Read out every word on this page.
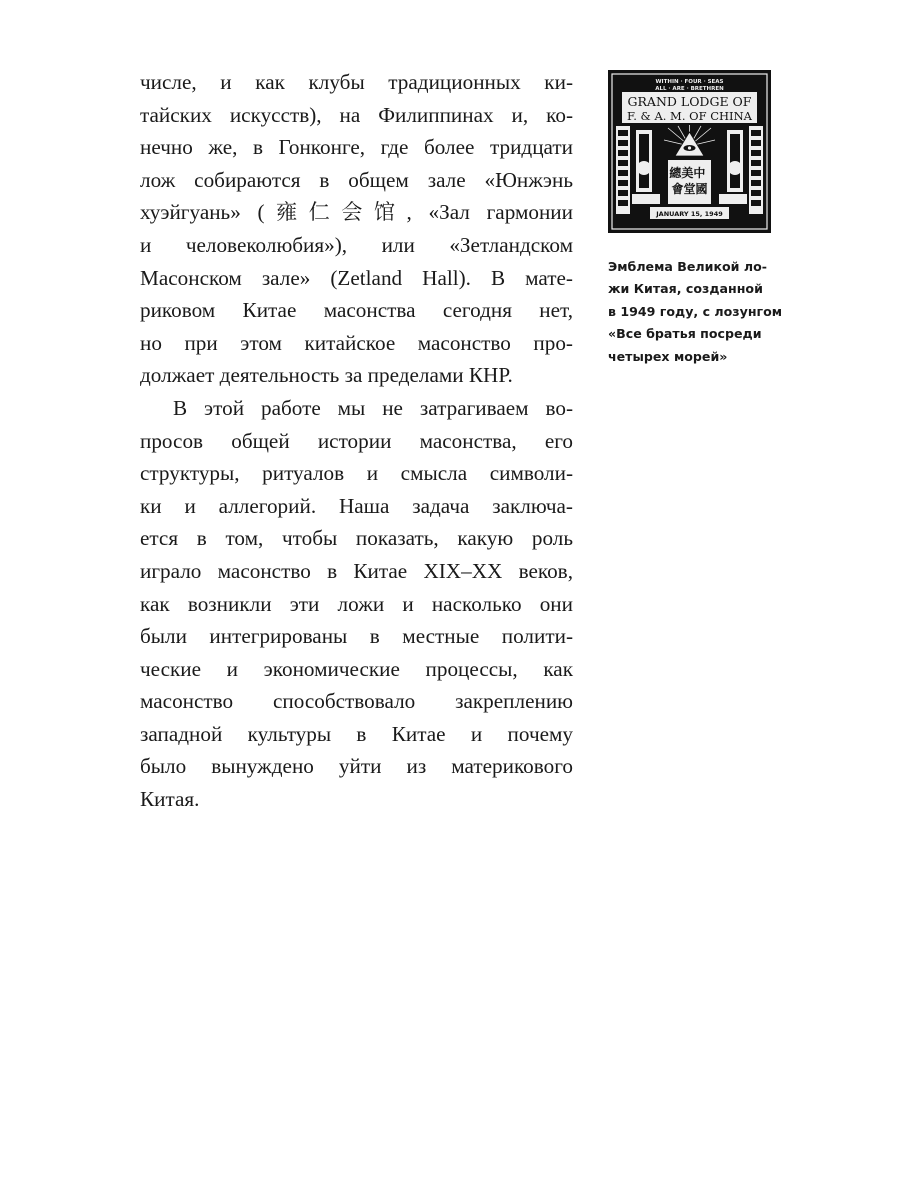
числе, и как клубы традиционных ки-
тайских искусств), на Филиппинах и, ко-
нечно же, в Гонконге, где более тридцати
лож собираются в общем зале «Юнжэнь
хуэйгуань» (雍仁会馆, «Зал гармонии
и человеколюбия»), или «Зетландском
Масонском зале» (Zetland Hall). В мате-
риковом Китае масонства сегодня нет,
но при этом китайское масонство про-
должает деятельность за пределами КНР.

В этой работе мы не затрагиваем во-
просов общей истории масонства, его
структуры, ритуалов и смысла символи-
ки и аллегорий. Наша задача заключа-
ется в том, чтобы показать, какую роль
играло масонство в Китае XIX–XX веков,
как возникли эти ложи и насколько они
были интегрированы в местные полити-
ческие и экономические процессы, как
масонство способствовало закреплению
западной культуры в Китае и почему
было вынуждено уйти из материкового
Китая.

WITHIN · FOUR · SEAS
ALL · ARE · BRETHREN
GRAND LODGE OF
F. & A. M. OF CHINA
總美中 會堂國
JANUARY 15, 1949
Эмблема Великой ло-
жи Китая, созданной
в 1949 году, с лозунгом
«Все братья посреди
четырех морей»
